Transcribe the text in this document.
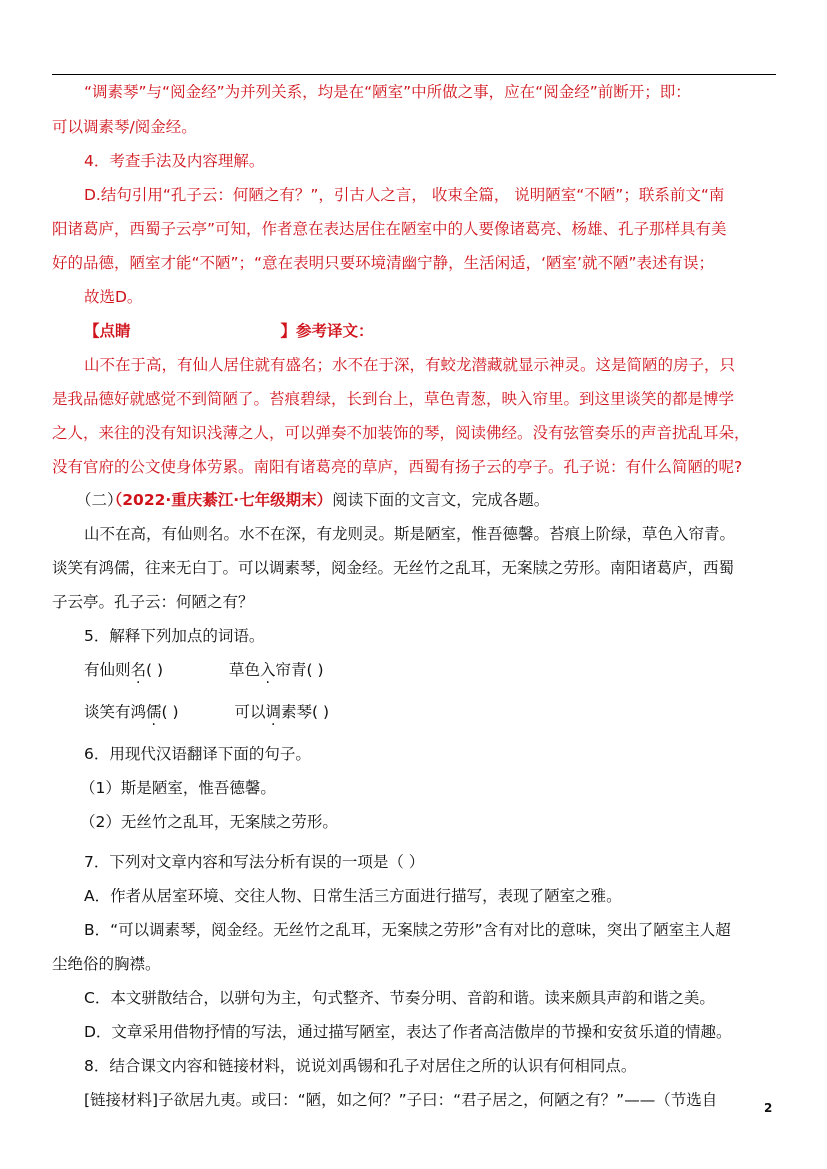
“调素琴”与“阅金经”为并列关系，均是在“陋室”中所做之事，应在“阅金经”前断开；即：
可以调素琴/阅金经。
4．考查手法及内容理解。
D.结句引用“孔子云：何陋之有？”，引古人之言， 收束全篇， 说明陋室“不陋”；联系前文“南
阳诸葛庐，西蜀子云亭”可知，作者意在表达居住在陋室中的人要像诸葛亮、杨雄、孔子那样具有美
好的品德，陋室才能“不陋”；“意在表明只要环境清幽宁静，生活闲适，‘陋室’就不陋”表述有误；
故选D。
【点睛	】参考译文：
山不在于高，有仙人居住就有盛名；水不在于深，有蛟龙潜藏就显示神灵。这是简陋的房子，只
是我品德好就感觉不到简陋了。苔痕碧绿，长到台上，草色青葱，映入帘里。到这里谈笑的都是博学
之人，来往的没有知识浅薄之人，可以弹奏不加装饰的琴，阅读佛经。没有弦管奏乐的声音扰乱耳朵，
没有官府的公文使身体劳累。南阳有诸葛亮的草庐，西蜀有扬子云的亭子。孔子说：有什么简陋的呢?
（二）（2022·重庆綦江·七年级期末）阅读下面的文言文，完成各题。
山不在高，有仙则名。水不在深，有龙则灵。斯是陋室，惟吾德馨。苔痕上阶绿，草色入帘青。
谈笑有鸿儒，往来无白丁。可以调素琴，阅金经。无丝竹之乱耳，无案牍之劳形。南阳诸葛庐，西蜀
子云亭。孔子云：何陋之有？
5．解释下列加点的词语。
有仙则名( )	草色入帘青( )
谈笑有鸿儒( )	可以调素琴( )
6．用现代汉语翻译下面的句子。
（1）斯是陋室，惟吾德馨。
（2）无丝竹之乱耳，无案牍之劳形。
7．下列对文章内容和写法分析有误的一项是（ ）
A．作者从居室环境、交往人物、日常生活三方面进行描写，表现了陋室之雅。
B．“可以调素琴，阅金经。无丝竹之乱耳，无案牍之劳形”含有对比的意味，突出了陋室主人超
尘绝俗的胸襟。
C．本文骈散结合，以骈句为主，句式整齐、节奏分明、音韵和谐。读来颇具声韵和谐之美。
D．文章采用借物抒情的写法，通过描写陋室，表达了作者高洁傲岸的节操和安贫乐道的情趣。
8．结合课文内容和链接材料，说说刘禹锡和孔子对居住之所的认识有何相同点。
[链接材料]子欲居九夷。或曰：“陋，如之何？”子曰：“君子居之，何陋之有？”——（节选自	2
